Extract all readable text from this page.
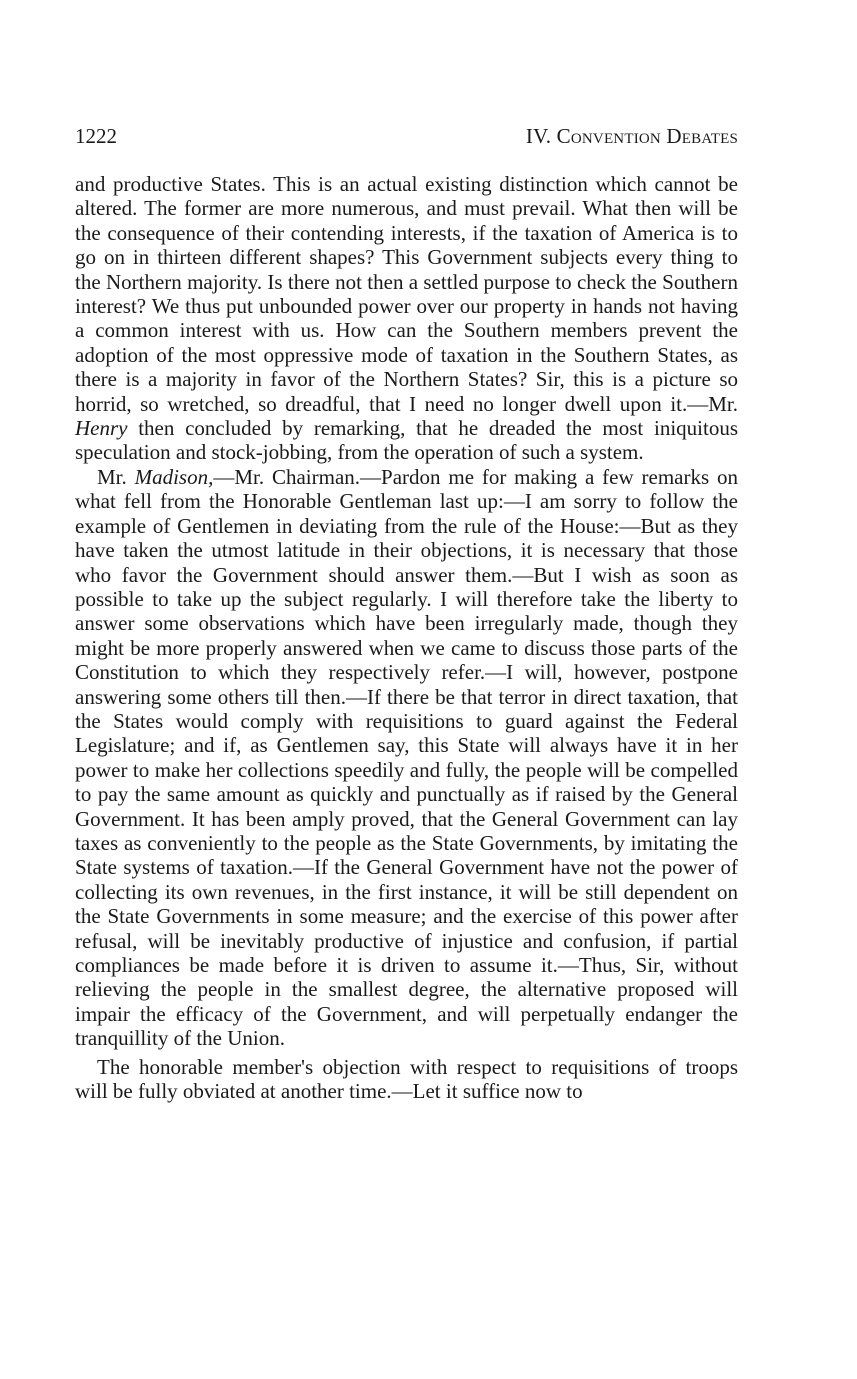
1222	IV. Convention Debates

and productive States. This is an actual existing distinction which cannot be altered. The former are more numerous, and must prevail. What then will be the consequence of their contending interests, if the taxation of America is to go on in thirteen different shapes? This Government subjects every thing to the Northern majority. Is there not then a settled purpose to check the Southern interest? We thus put unbounded power over our property in hands not having a common interest with us. How can the Southern members prevent the adoption of the most oppressive mode of taxation in the Southern States, as there is a majority in favor of the Northern States? Sir, this is a picture so horrid, so wretched, so dreadful, that I need no longer dwell upon it.—Mr. Henry then concluded by remarking, that he dreaded the most iniquitous speculation and stock-jobbing, from the operation of such a system.

Mr. Madison,—Mr. Chairman.—Pardon me for making a few remarks on what fell from the Honorable Gentleman last up:—I am sorry to follow the example of Gentlemen in deviating from the rule of the House:—But as they have taken the utmost latitude in their objections, it is necessary that those who favor the Government should answer them.—But I wish as soon as possible to take up the subject regularly. I will therefore take the liberty to answer some observations which have been irregularly made, though they might be more properly answered when we came to discuss those parts of the Constitution to which they respectively refer.—I will, however, postpone answering some others till then.—If there be that terror in direct taxation, that the States would comply with requisitions to guard against the Federal Legislature; and if, as Gentlemen say, this State will always have it in her power to make her collections speedily and fully, the people will be compelled to pay the same amount as quickly and punctually as if raised by the General Government. It has been amply proved, that the General Government can lay taxes as conveniently to the people as the State Governments, by imitating the State systems of taxation.—If the General Government have not the power of collecting its own revenues, in the first instance, it will be still dependent on the State Governments in some measure; and the exercise of this power after refusal, will be inevitably productive of injustice and confusion, if partial compliances be made before it is driven to assume it.—Thus, Sir, without relieving the people in the smallest degree, the alternative proposed will impair the efficacy of the Government, and will perpetually endanger the tranquillity of the Union.

The honorable member's objection with respect to requisitions of troops will be fully obviated at another time.—Let it suffice now to
